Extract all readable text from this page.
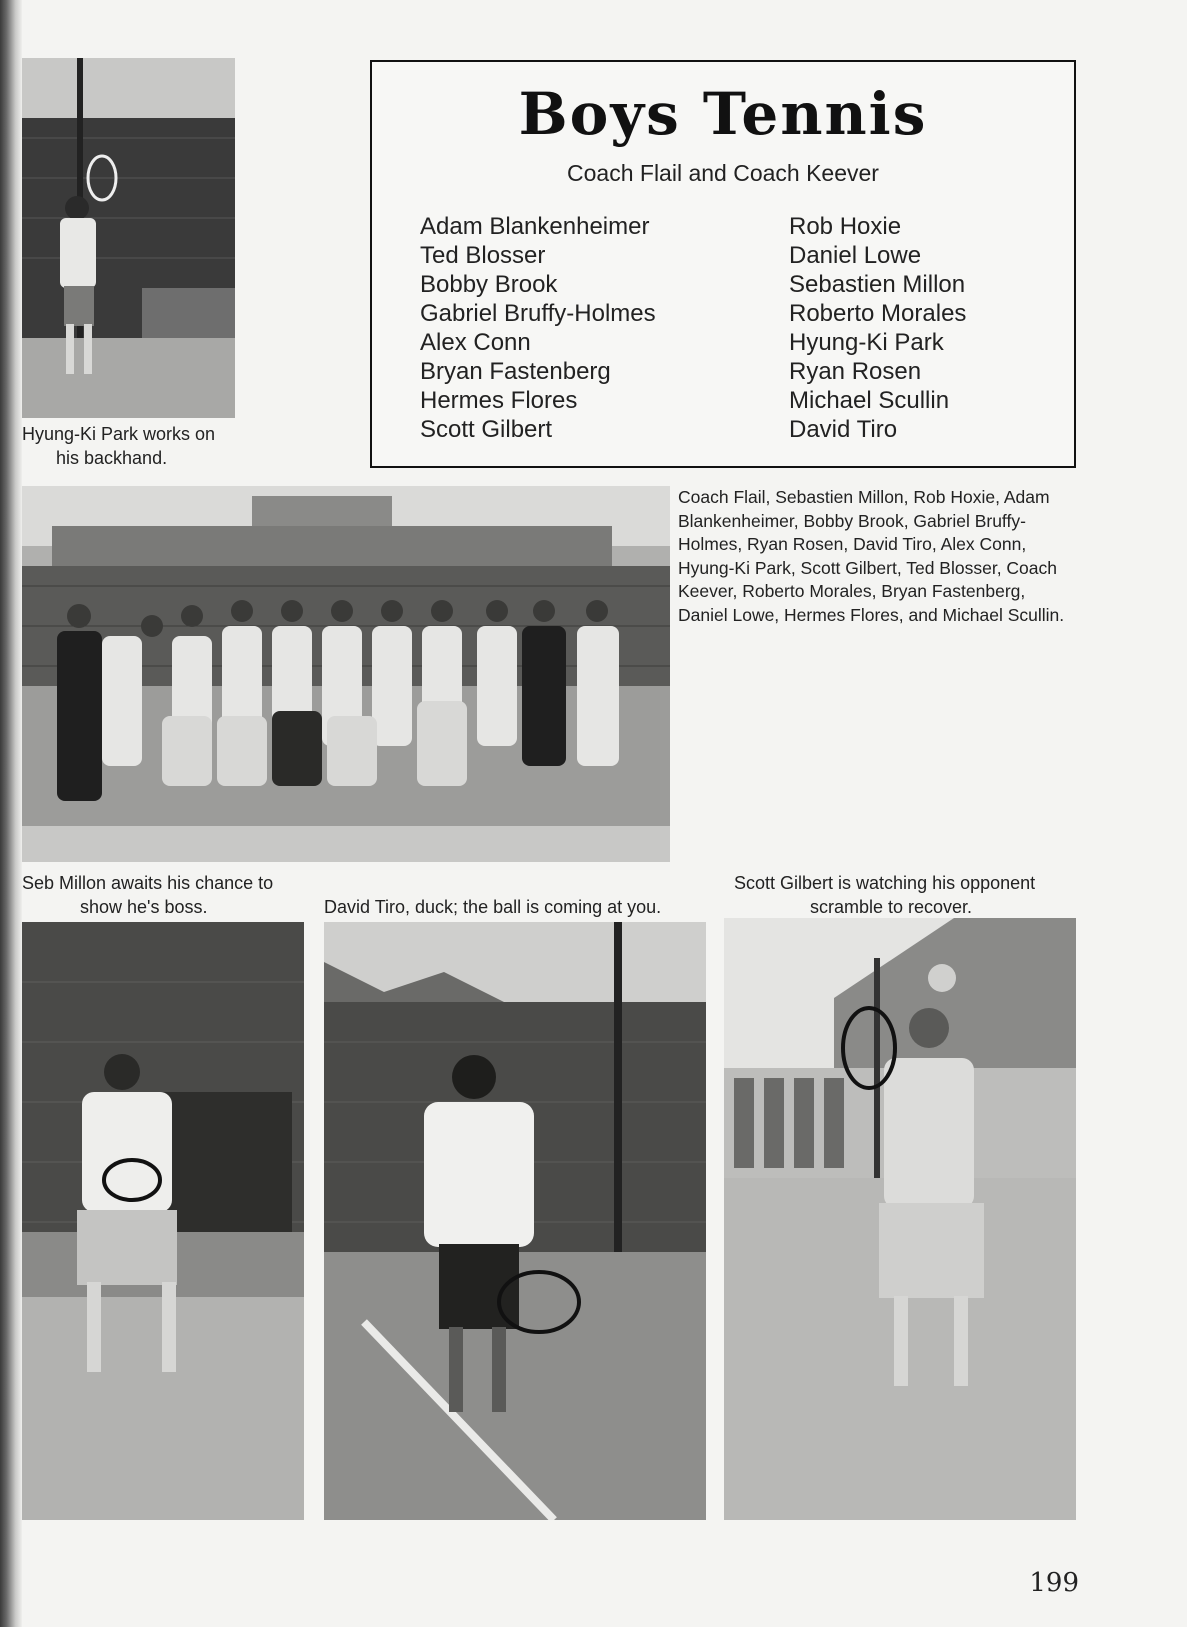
Hyung-Ki Park works on
his backhand.
Boys Tennis
Coach Flail and Coach Keever
Adam Blankenheimer
Ted Blosser
Bobby Brook
Gabriel Bruffy-Holmes
Alex Conn
Bryan Fastenberg
Hermes Flores
Scott Gilbert
Rob Hoxie
Daniel Lowe
Sebastien Millon
Roberto Morales
Hyung-Ki Park
Ryan Rosen
Michael Scullin
David Tiro
Coach Flail, Sebastien Millon, Rob Hoxie, Adam Blankenheimer, Bobby Brook, Gabriel Bruffy-Holmes, Ryan Rosen, David Tiro, Alex Conn, Hyung-Ki Park, Scott Gilbert, Ted Blosser, Coach Keever, Roberto Morales, Bryan Fastenberg, Daniel Lowe, Hermes Flores, and Michael Scullin.
Seb Millon awaits his chance to
show he's boss.	David Tiro, duck; the ball is coming at you.
Scott Gilbert is watching his opponent
scramble to recover.
199
